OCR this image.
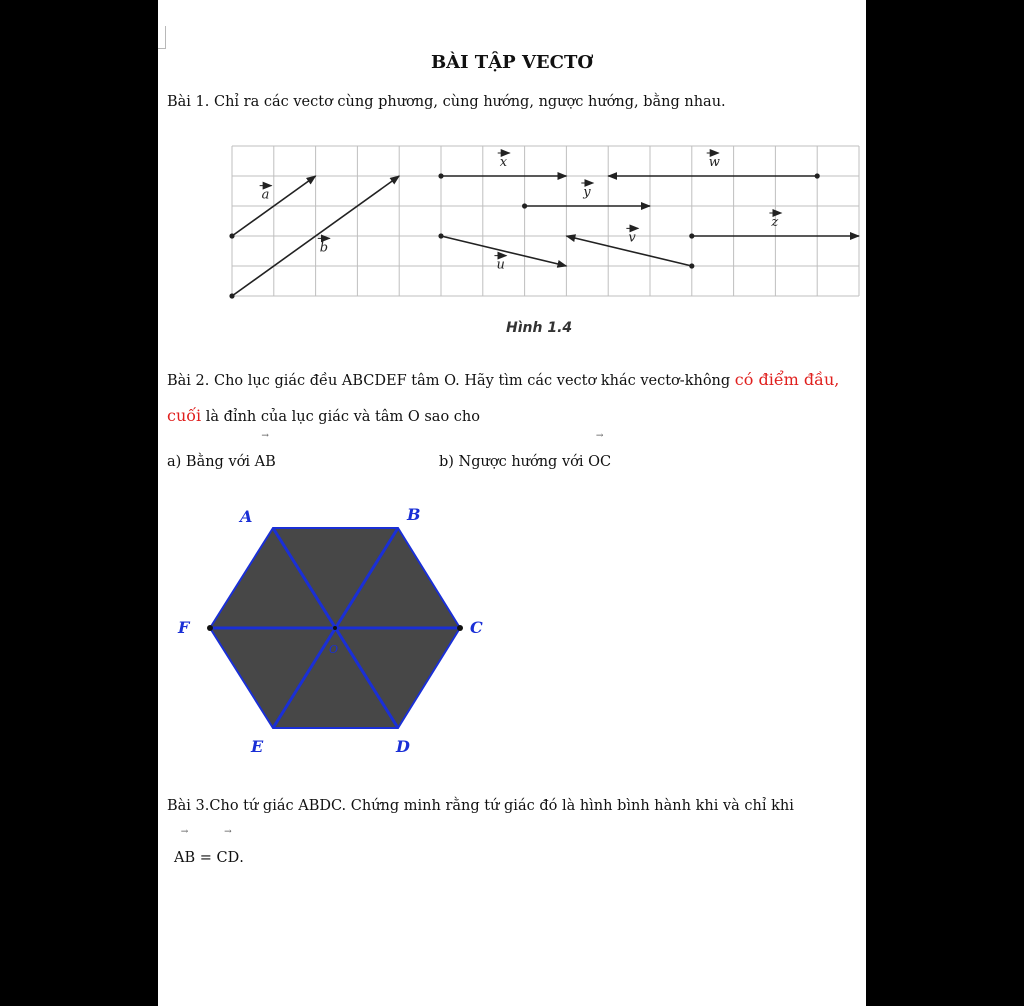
BÀI TẬP VECTƠ
Bài 1. Chỉ ra các vectơ cùng phương, cùng hướng, ngược hướng, bằng nhau.
a
b
x	w
y
u
v
z
Hình 1.4
Bài 2. Cho lục giác đều ABCDEF tâm O. Hãy tìm các vectơ khác vectơ-không có điểm đầu,
cuối là đỉnh của lục giác và tâm O sao cho
a) Bằng với
→
AB	b) Ngược hướng với
→
OC
A	B
C
D
E
F
O
Bài 3.Cho tứ giác ABDC. Chứng minh rằng tứ giác đó là hình bình hành khi và chỉ khi
→
AB =
→
CD.
